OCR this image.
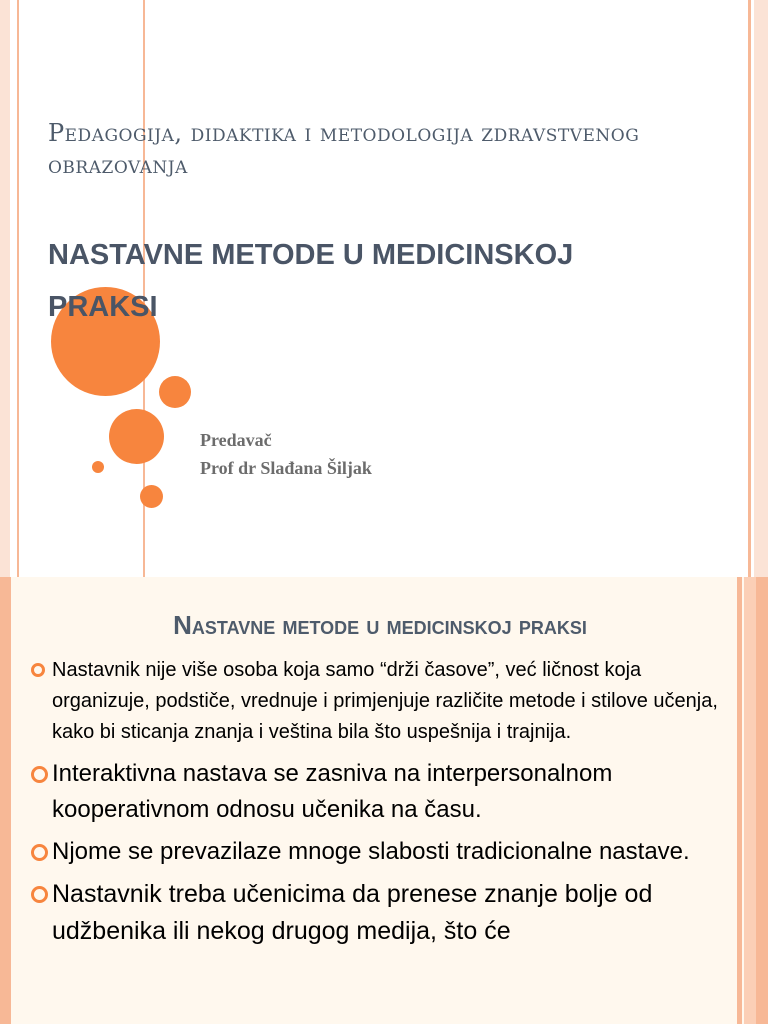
Pedagogija, didaktika i metodologija zdravstvenog obrazovanja

NASTAVNE METODE U MEDICINSKOJ PRAKSI
Predavač
Prof dr Slađana Šiljak
Nastavne metode u medicinskoj praksi
Nastavnik nije više osoba koja samo “drži časove”, već ličnost koja organizuje, podstiče, vrednuje i primjenjuje različite metode i stilove učenja, kako bi sticanja znanja i veština bila što uspešnija i trajnija.
Interaktivna nastava se zasniva na interpersonalnom kooperativnom odnosu učenika na času.
Njome se prevazilaze mnoge slabosti tradicionalne nastave.
Nastavnik treba učenicima da prenese znanje bolje od udžbenika ili nekog drugog medija, što će
